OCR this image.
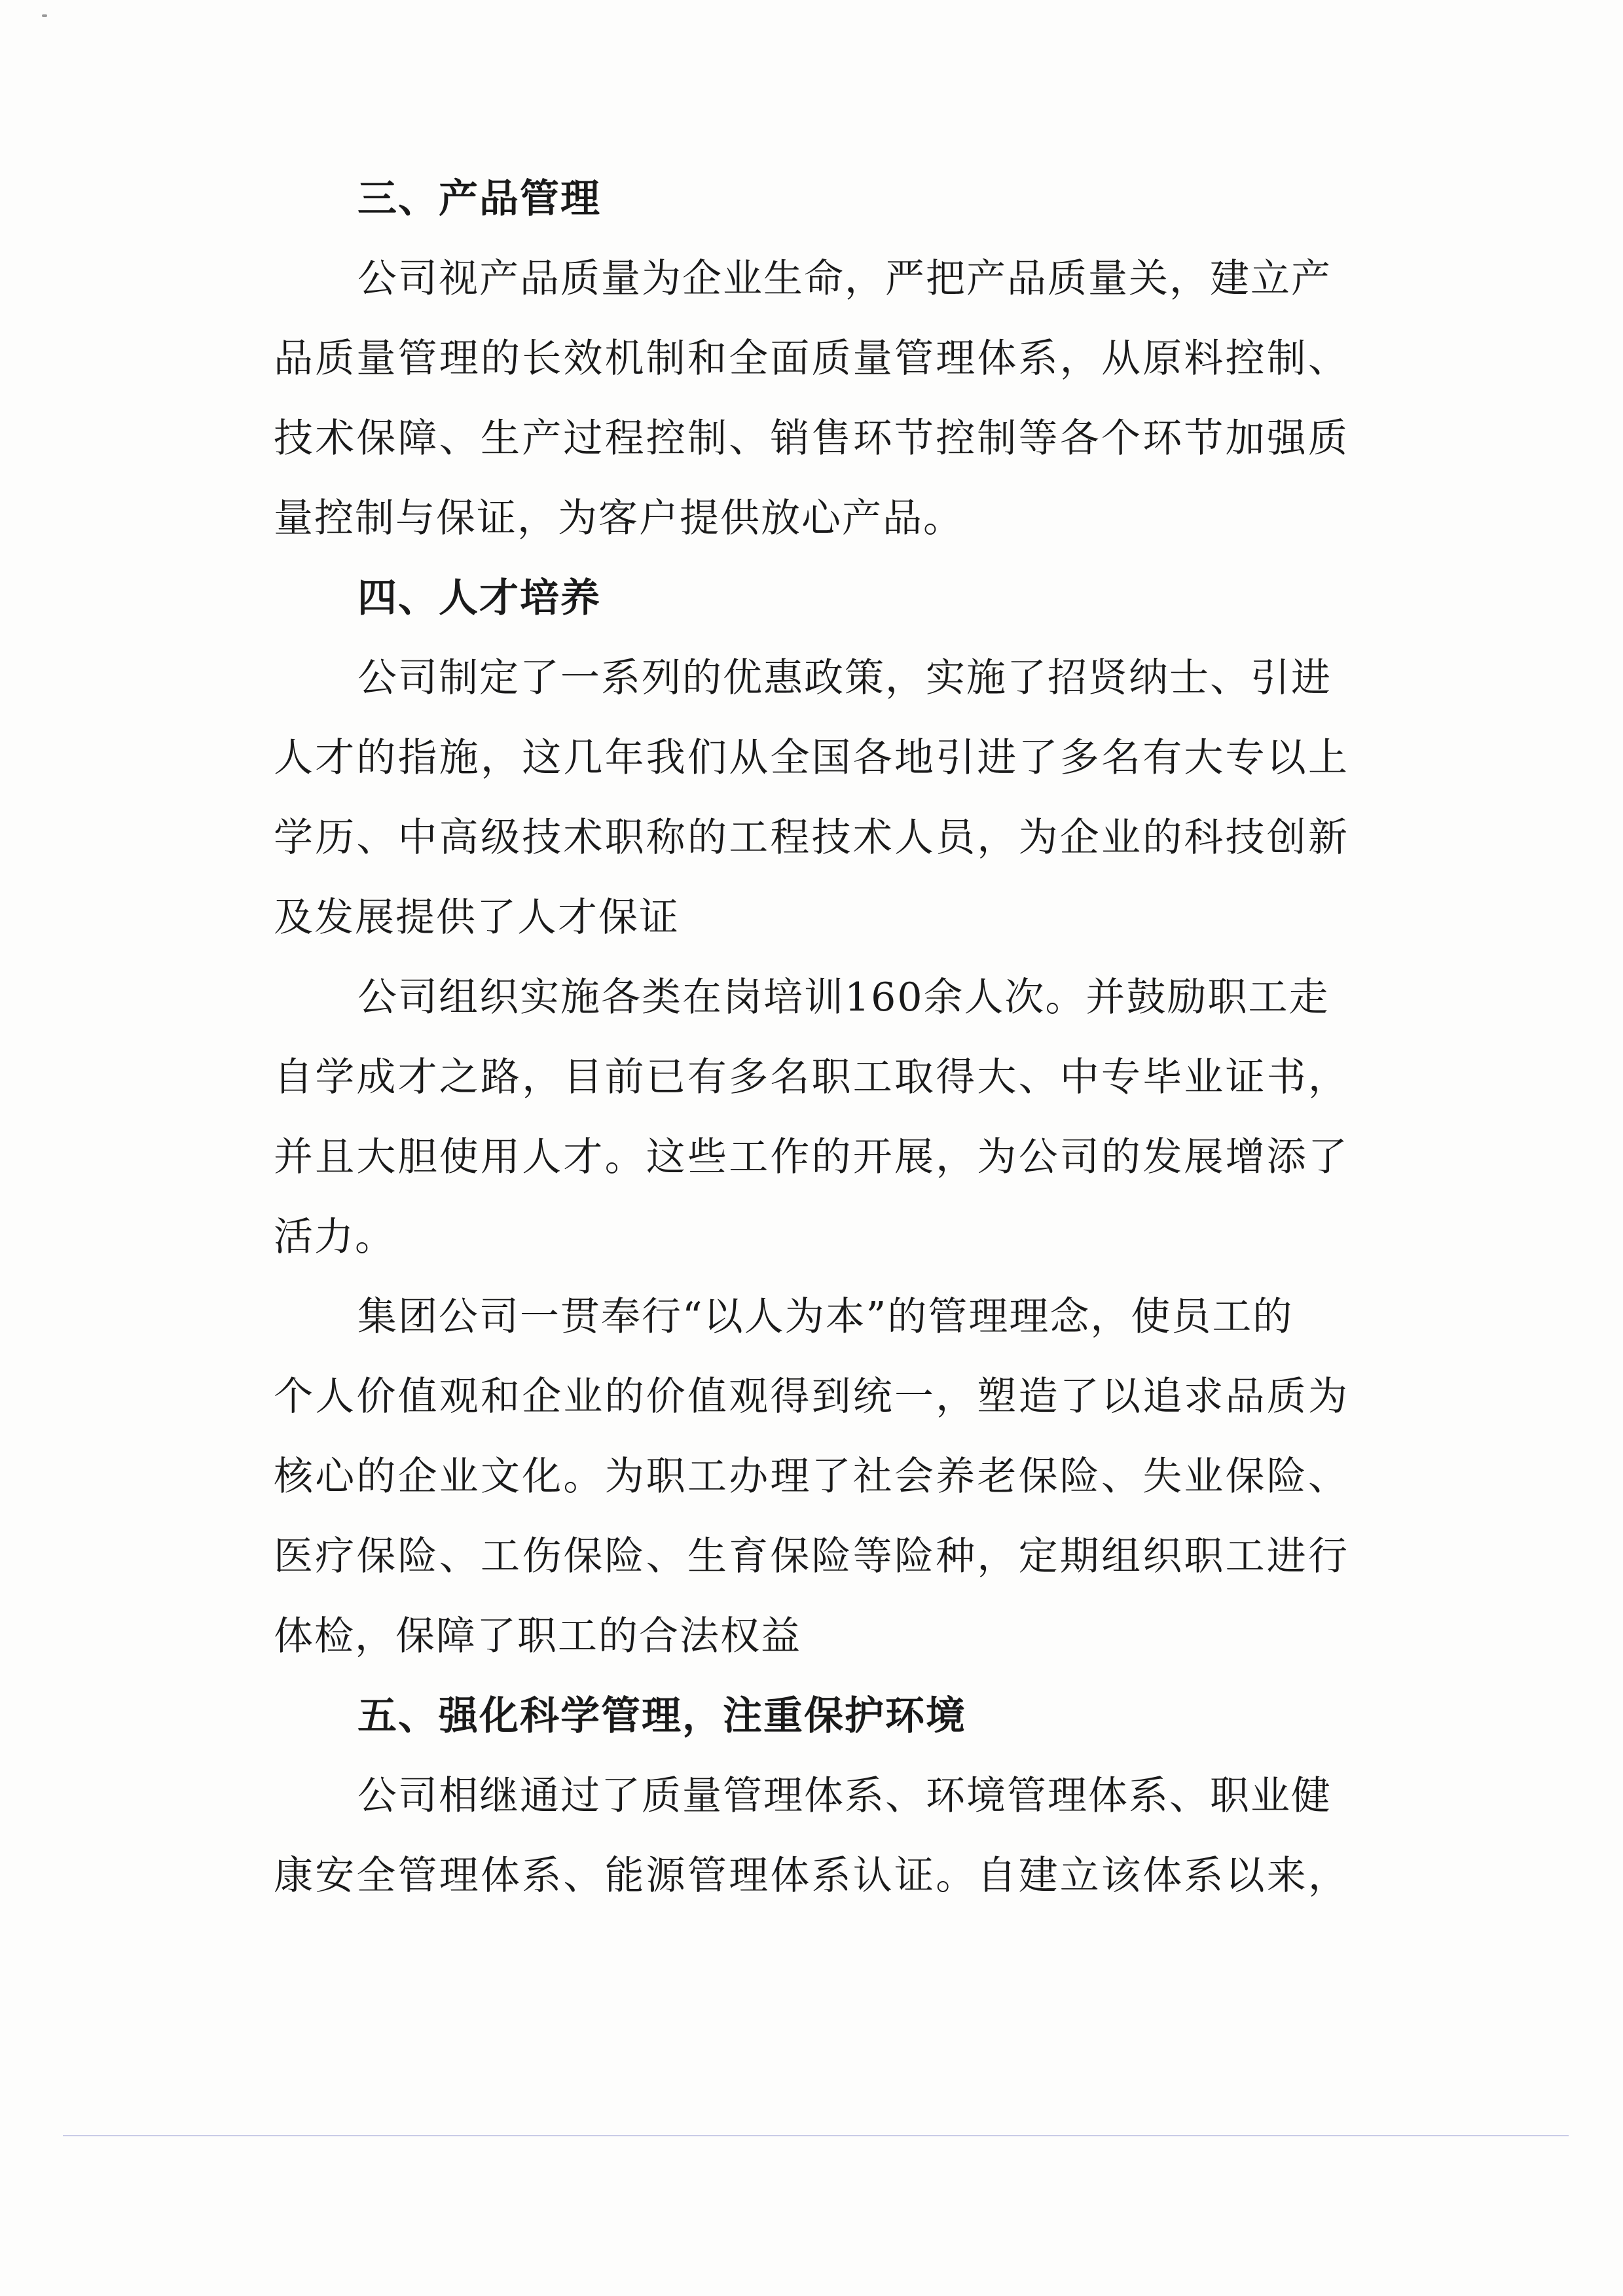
三、产品管理
公司视产品质量为企业生命，严把产品质量关，建立产
品质量管理的长效机制和全面质量管理体系，从原料控制、
技术保障、生产过程控制、销售环节控制等各个环节加强质
量控制与保证，为客户提供放心产品。
四、人才培养
公司制定了一系列的优惠政策，实施了招贤纳士、引进
人才的指施，这几年我们从全国各地引进了多名有大专以上
学历、中高级技术职称的工程技术人员，为企业的科技创新
及发展提供了人才保证
公司组织实施各类在岗培训160余人次。并鼓励职工走
自学成才之路，目前已有多名职工取得大、中专毕业证书，
并且大胆使用人才。这些工作的开展，为公司的发展增添了
活力。
集团公司一贯奉行“以人为本”的管理理念，使员工的
个人价值观和企业的价值观得到统一，塑造了以追求品质为
核心的企业文化。为职工办理了社会养老保险、失业保险、
医疗保险、工伤保险、生育保险等险种，定期组织职工进行
体检，保障了职工的合法权益
五、强化科学管理，注重保护环境
公司相继通过了质量管理体系、环境管理体系、职业健
康安全管理体系、能源管理体系认证。自建立该体系以来，
